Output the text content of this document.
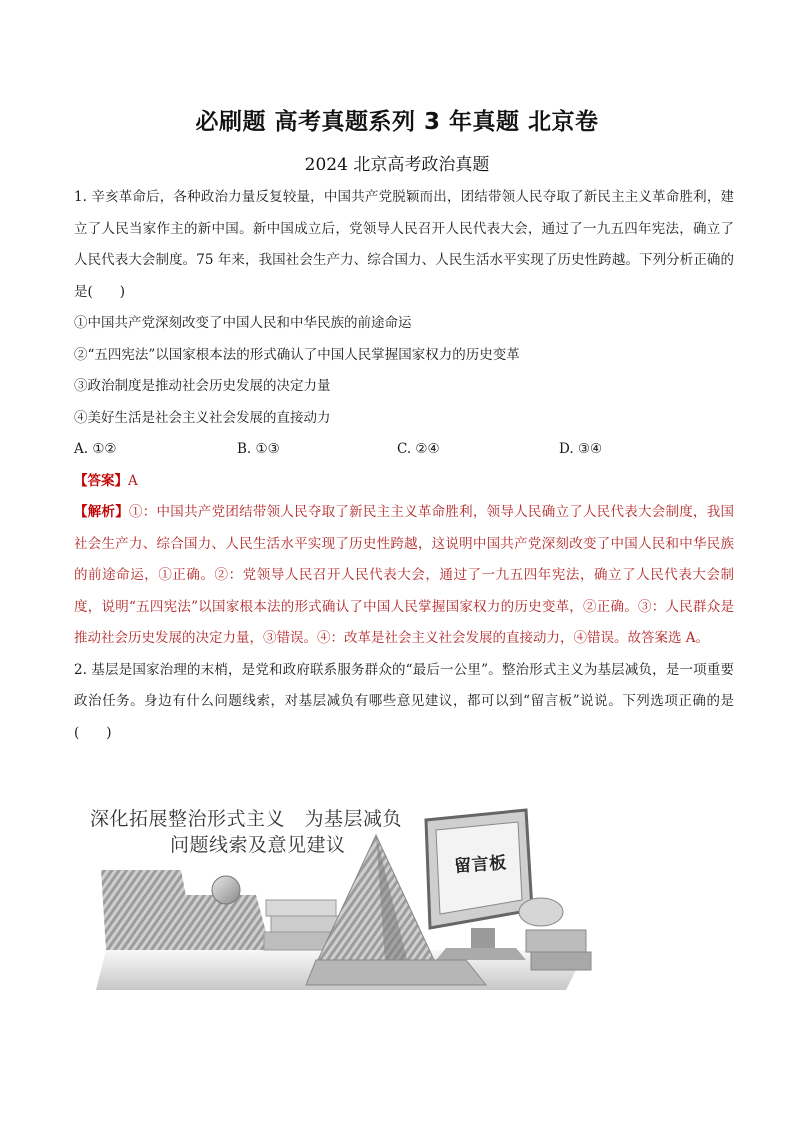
必刷题 高考真题系列 3 年真题 北京卷
2024 北京高考政治真题

1. 辛亥革命后，各种政治力量反复较量，中国共产党脱颖而出，团结带领人民夺取了新民主主义革命胜利，建立了人民当家作主的新中国。新中国成立后，党领导人民召开人民代表大会，通过了一九五四年宪法，确立了人民代表大会制度。75 年来，我国社会生产力、综合国力、人民生活水平实现了历史性跨越。下列分析正确的是(　　)

①中国共产党深刻改变了中国人民和中华民族的前途命运

②“五四宪法”以国家根本法的形式确认了中国人民掌握国家权力的历史变革

③政治制度是推动社会历史发展的决定力量

④美好生活是社会主义社会发展的直接动力

A. ①②	B. ①③	C. ②④	D. ③④

【答案】A

【解析】①：中国共产党团结带领人民夺取了新民主主义革命胜利，领导人民确立了人民代表大会制度，我国社会生产力、综合国力、人民生活水平实现了历史性跨越，这说明中国共产党深刻改变了中国人民和中华民族的前途命运，①正确。②：党领导人民召开人民代表大会，通过了一九五四年宪法，确立了人民代表大会制度，说明“五四宪法”以国家根本法的形式确认了中国人民掌握国家权力的历史变革，②正确。③：人民群众是推动社会历史发展的决定力量，③错误。④：改革是社会主义社会发展的直接动力，④错误。故答案选 A。

2. 基层是国家治理的末梢，是党和政府联系服务群众的“最后一公里”。整治形式主义为基层减负，是一项重要政治任务。身边有什么问题线索，对基层减负有哪些意见建议，都可以到“留言板”说说。下列选项正确的是(　　)

深化拓展整治形式主义　为基层减负
问题线索及意见建议
留言板
